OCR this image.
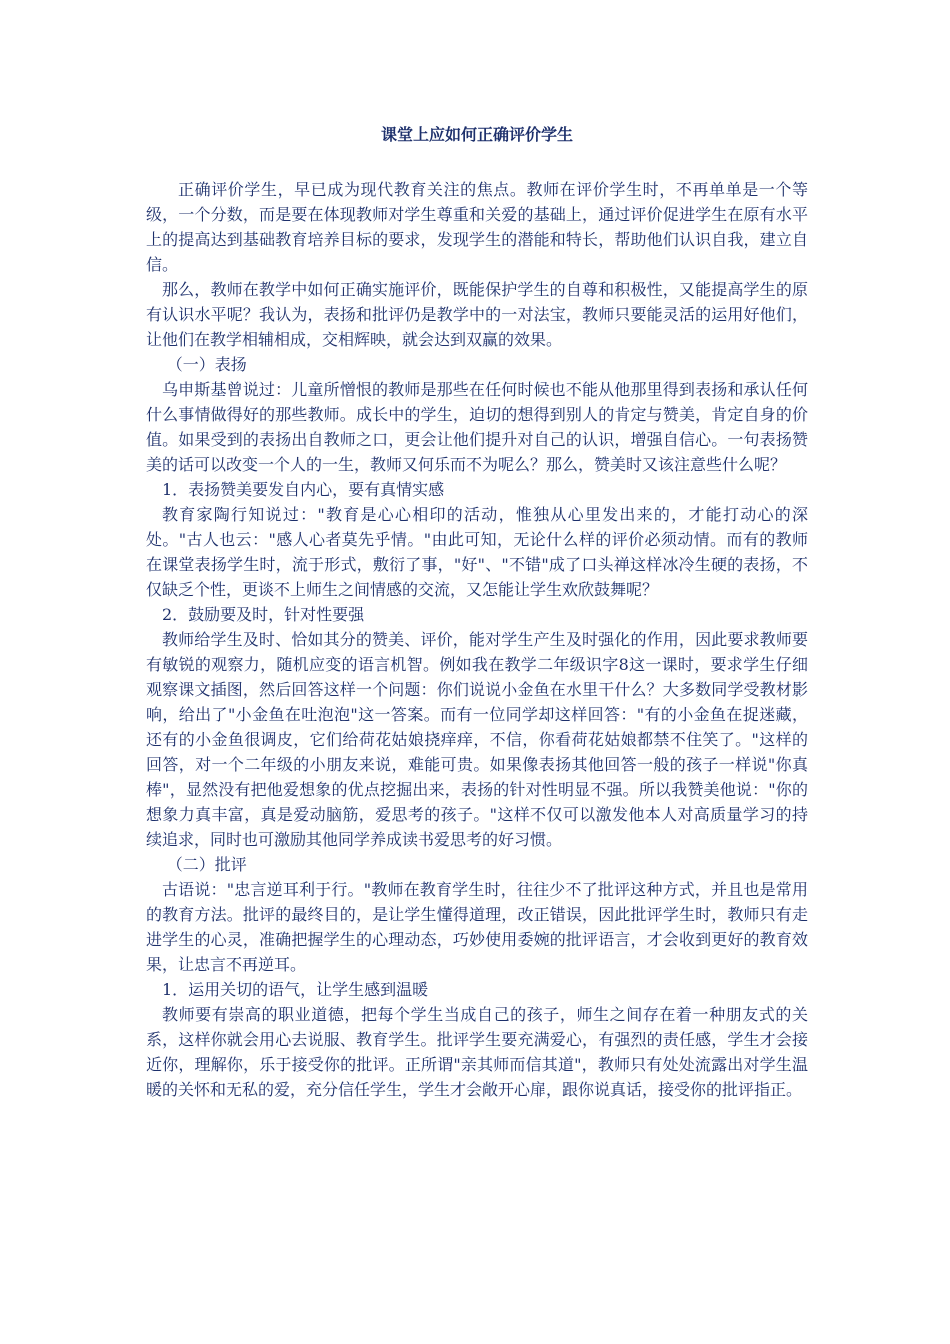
课堂上应如何正确评价学生

正确评价学生，早已成为现代教育关注的焦点。教师在评价学生时，不再单单是一个等级，一个分数，而是要在体现教师对学生尊重和关爱的基础上，通过评价促进学生在原有水平上的提高达到基础教育培养目标的要求，发现学生的潜能和特长，帮助他们认识自我，建立自信。

那么，教师在教学中如何正确实施评价，既能保护学生的自尊和积极性，又能提高学生的原有认识水平呢？我认为，表扬和批评仍是教学中的一对法宝，教师只要能灵活的运用好他们，让他们在教学相辅相成，交相辉映，就会达到双赢的效果。

（一）表扬

乌申斯基曾说过：儿童所憎恨的教师是那些在任何时候也不能从他那里得到表扬和承认任何什么事情做得好的那些教师。成长中的学生，迫切的想得到别人的肯定与赞美，肯定自身的价值。如果受到的表扬出自教师之口，更会让他们提升对自己的认识，增强自信心。一句表扬赞美的话可以改变一个人的一生，教师又何乐而不为呢么？那么，赞美时又该注意些什么呢？

1．表扬赞美要发自内心，要有真情实感

教育家陶行知说过："教育是心心相印的活动，惟独从心里发出来的，才能打动心的深处。"古人也云："感人心者莫先乎情。"由此可知，无论什么样的评价必须动情。而有的教师在课堂表扬学生时，流于形式，敷衍了事，"好"、"不错"成了口头禅这样冰冷生硬的表扬，不仅缺乏个性，更谈不上师生之间情感的交流，又怎能让学生欢欣鼓舞呢？

2．鼓励要及时，针对性要强

教师给学生及时、恰如其分的赞美、评价，能对学生产生及时强化的作用，因此要求教师要有敏锐的观察力，随机应变的语言机智。例如我在教学二年级识字8这一课时，要求学生仔细观察课文插图，然后回答这样一个问题：你们说说小金鱼在水里干什么？大多数同学受教材影响，给出了"小金鱼在吐泡泡"这一答案。而有一位同学却这样回答："有的小金鱼在捉迷藏，还有的小金鱼很调皮，它们给荷花姑娘挠痒痒，不信，你看荷花姑娘都禁不住笑了。"这样的回答，对一个二年级的小朋友来说，难能可贵。如果像表扬其他回答一般的孩子一样说"你真棒"，显然没有把他爱想象的优点挖掘出来，表扬的针对性明显不强。所以我赞美他说："你的想象力真丰富，真是爱动脑筋，爱思考的孩子。"这样不仅可以激发他本人对高质量学习的持续追求，同时也可激励其他同学养成读书爱思考的好习惯。

（二）批评

古语说："忠言逆耳利于行。"教师在教育学生时，往往少不了批评这种方式，并且也是常用的教育方法。批评的最终目的，是让学生懂得道理，改正错误，因此批评学生时，教师只有走进学生的心灵，准确把握学生的心理动态，巧妙使用委婉的批评语言，才会收到更好的教育效果，让忠言不再逆耳。

1．运用关切的语气，让学生感到温暖

教师要有崇高的职业道德，把每个学生当成自己的孩子，师生之间存在着一种朋友式的关系，这样你就会用心去说服、教育学生。批评学生要充满爱心，有强烈的责任感，学生才会接近你，理解你，乐于接受你的批评。正所谓"亲其师而信其道"，教师只有处处流露出对学生温暖的关怀和无私的爱，充分信任学生，学生才会敞开心扉，跟你说真话，接受你的批评指正。
